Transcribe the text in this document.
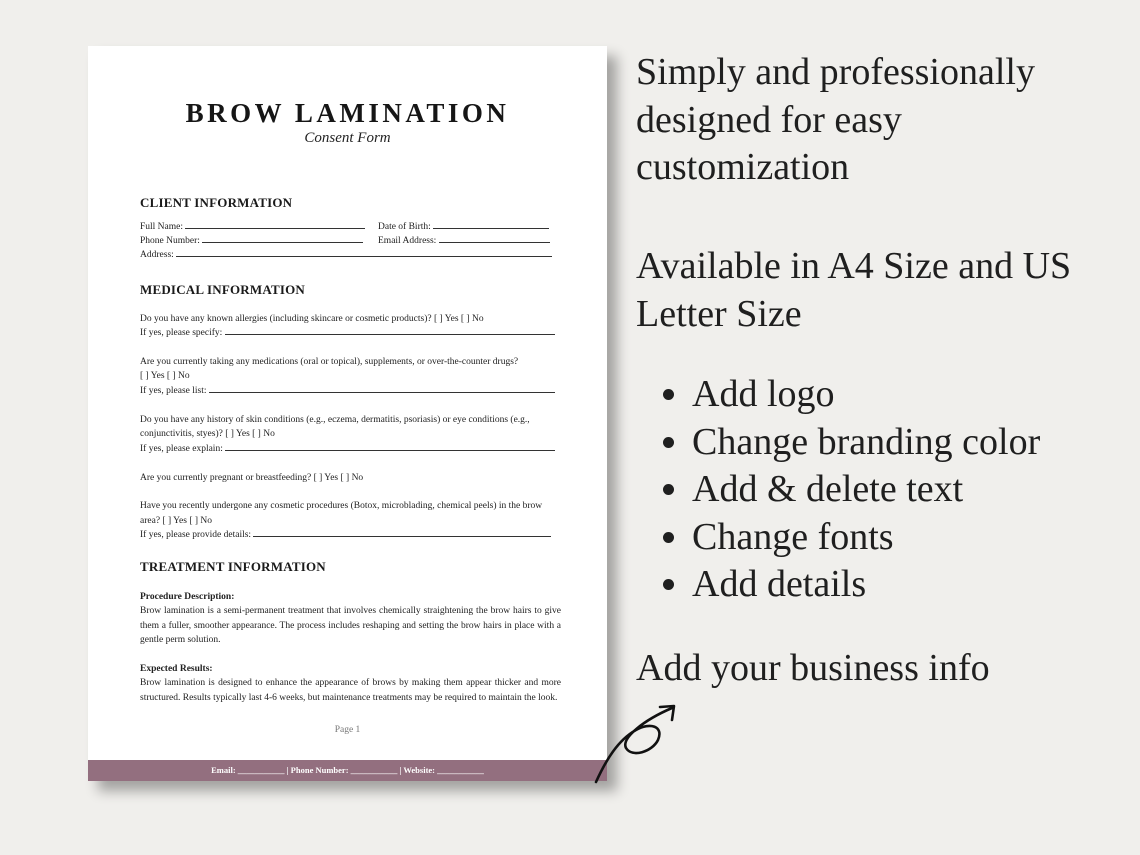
BROW LAMINATION
Consent Form
CLIENT INFORMATION
Full Name:	Date of Birth:
Phone Number:	Email Address:
Address:
MEDICAL INFORMATION
Do you have any known allergies (including skincare or cosmetic products)? [ ] Yes [ ] No
If yes, please specify:
Are you currently taking any medications (oral or topical), supplements, or over-the-counter drugs?
[ ] Yes [ ] No
If yes, please list:
Do you have any history of skin conditions (e.g., eczema, dermatitis, psoriasis) or eye conditions (e.g.,
conjunctivitis, styes)? [ ] Yes [ ] No
If yes, please explain:
Are you currently pregnant or breastfeeding? [ ] Yes [ ] No
Have you recently undergone any cosmetic procedures (Botox, microblading, chemical peels) in the brow
area? [ ] Yes [ ] No
If yes, please provide details:
TREATMENT INFORMATION
Procedure Description:
Brow lamination is a semi-permanent treatment that involves chemically straightening the brow hairs to give them a fuller, smoother appearance. The process includes reshaping and setting the brow hairs in place with a gentle perm solution.
Expected Results:
Brow lamination is designed to enhance the appearance of brows by making them appear thicker and more structured. Results typically last 4-6 weeks, but maintenance treatments may be required to maintain the look.
Page 1
Email: ___________ | Phone Number: ___________ | Website: ___________
Simply and professionally designed for easy customization
Available in A4 Size and US Letter Size
• Add logo
• Change branding color
• Add & delete text
• Change fonts
• Add details
Add your business info
